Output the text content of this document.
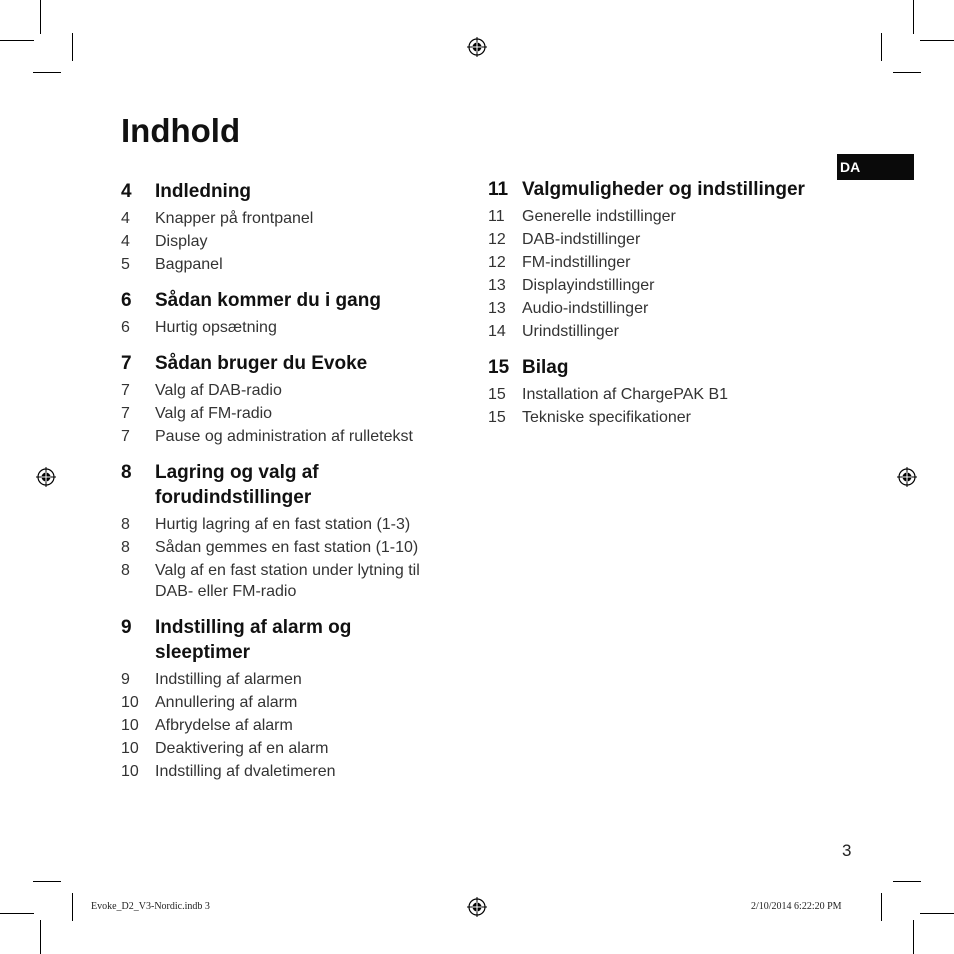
Indhold
DA
4	Indledning
4	Knapper på frontpanel
4	Display
5	Bagpanel
6	Sådan kommer du i gang
6	Hurtig opsætning
7	Sådan bruger du Evoke
7	Valg af DAB-radio
7	Valg af FM-radio
7	Pause og administration af rulletekst
8	Lagring og valg af forudindstillinger
8	Hurtig lagring af en fast station (1-3)
8	Sådan gemmes en fast station (1-10)
8	Valg af en fast station under lytning til DAB- eller FM-radio
9	Indstilling af alarm og sleeptimer
9	Indstilling af alarmen
10	Annullering af alarm
10	Afbrydelse af alarm
10	Deaktivering af en alarm
10	Indstilling af dvaletimeren
11 Valgmuligheder og indstillinger
11	Generelle indstillinger
12	DAB-indstillinger
12	FM-indstillinger
13	Displayindstillinger
13	Audio-indstillinger
14	Urindstillinger
15 Bilag
15	Installation af ChargePAK B1
15	Tekniske specifikationer
3
Evoke_D2_V3-Nordic.indb 3	2/10/2014 6:22:20 PM
